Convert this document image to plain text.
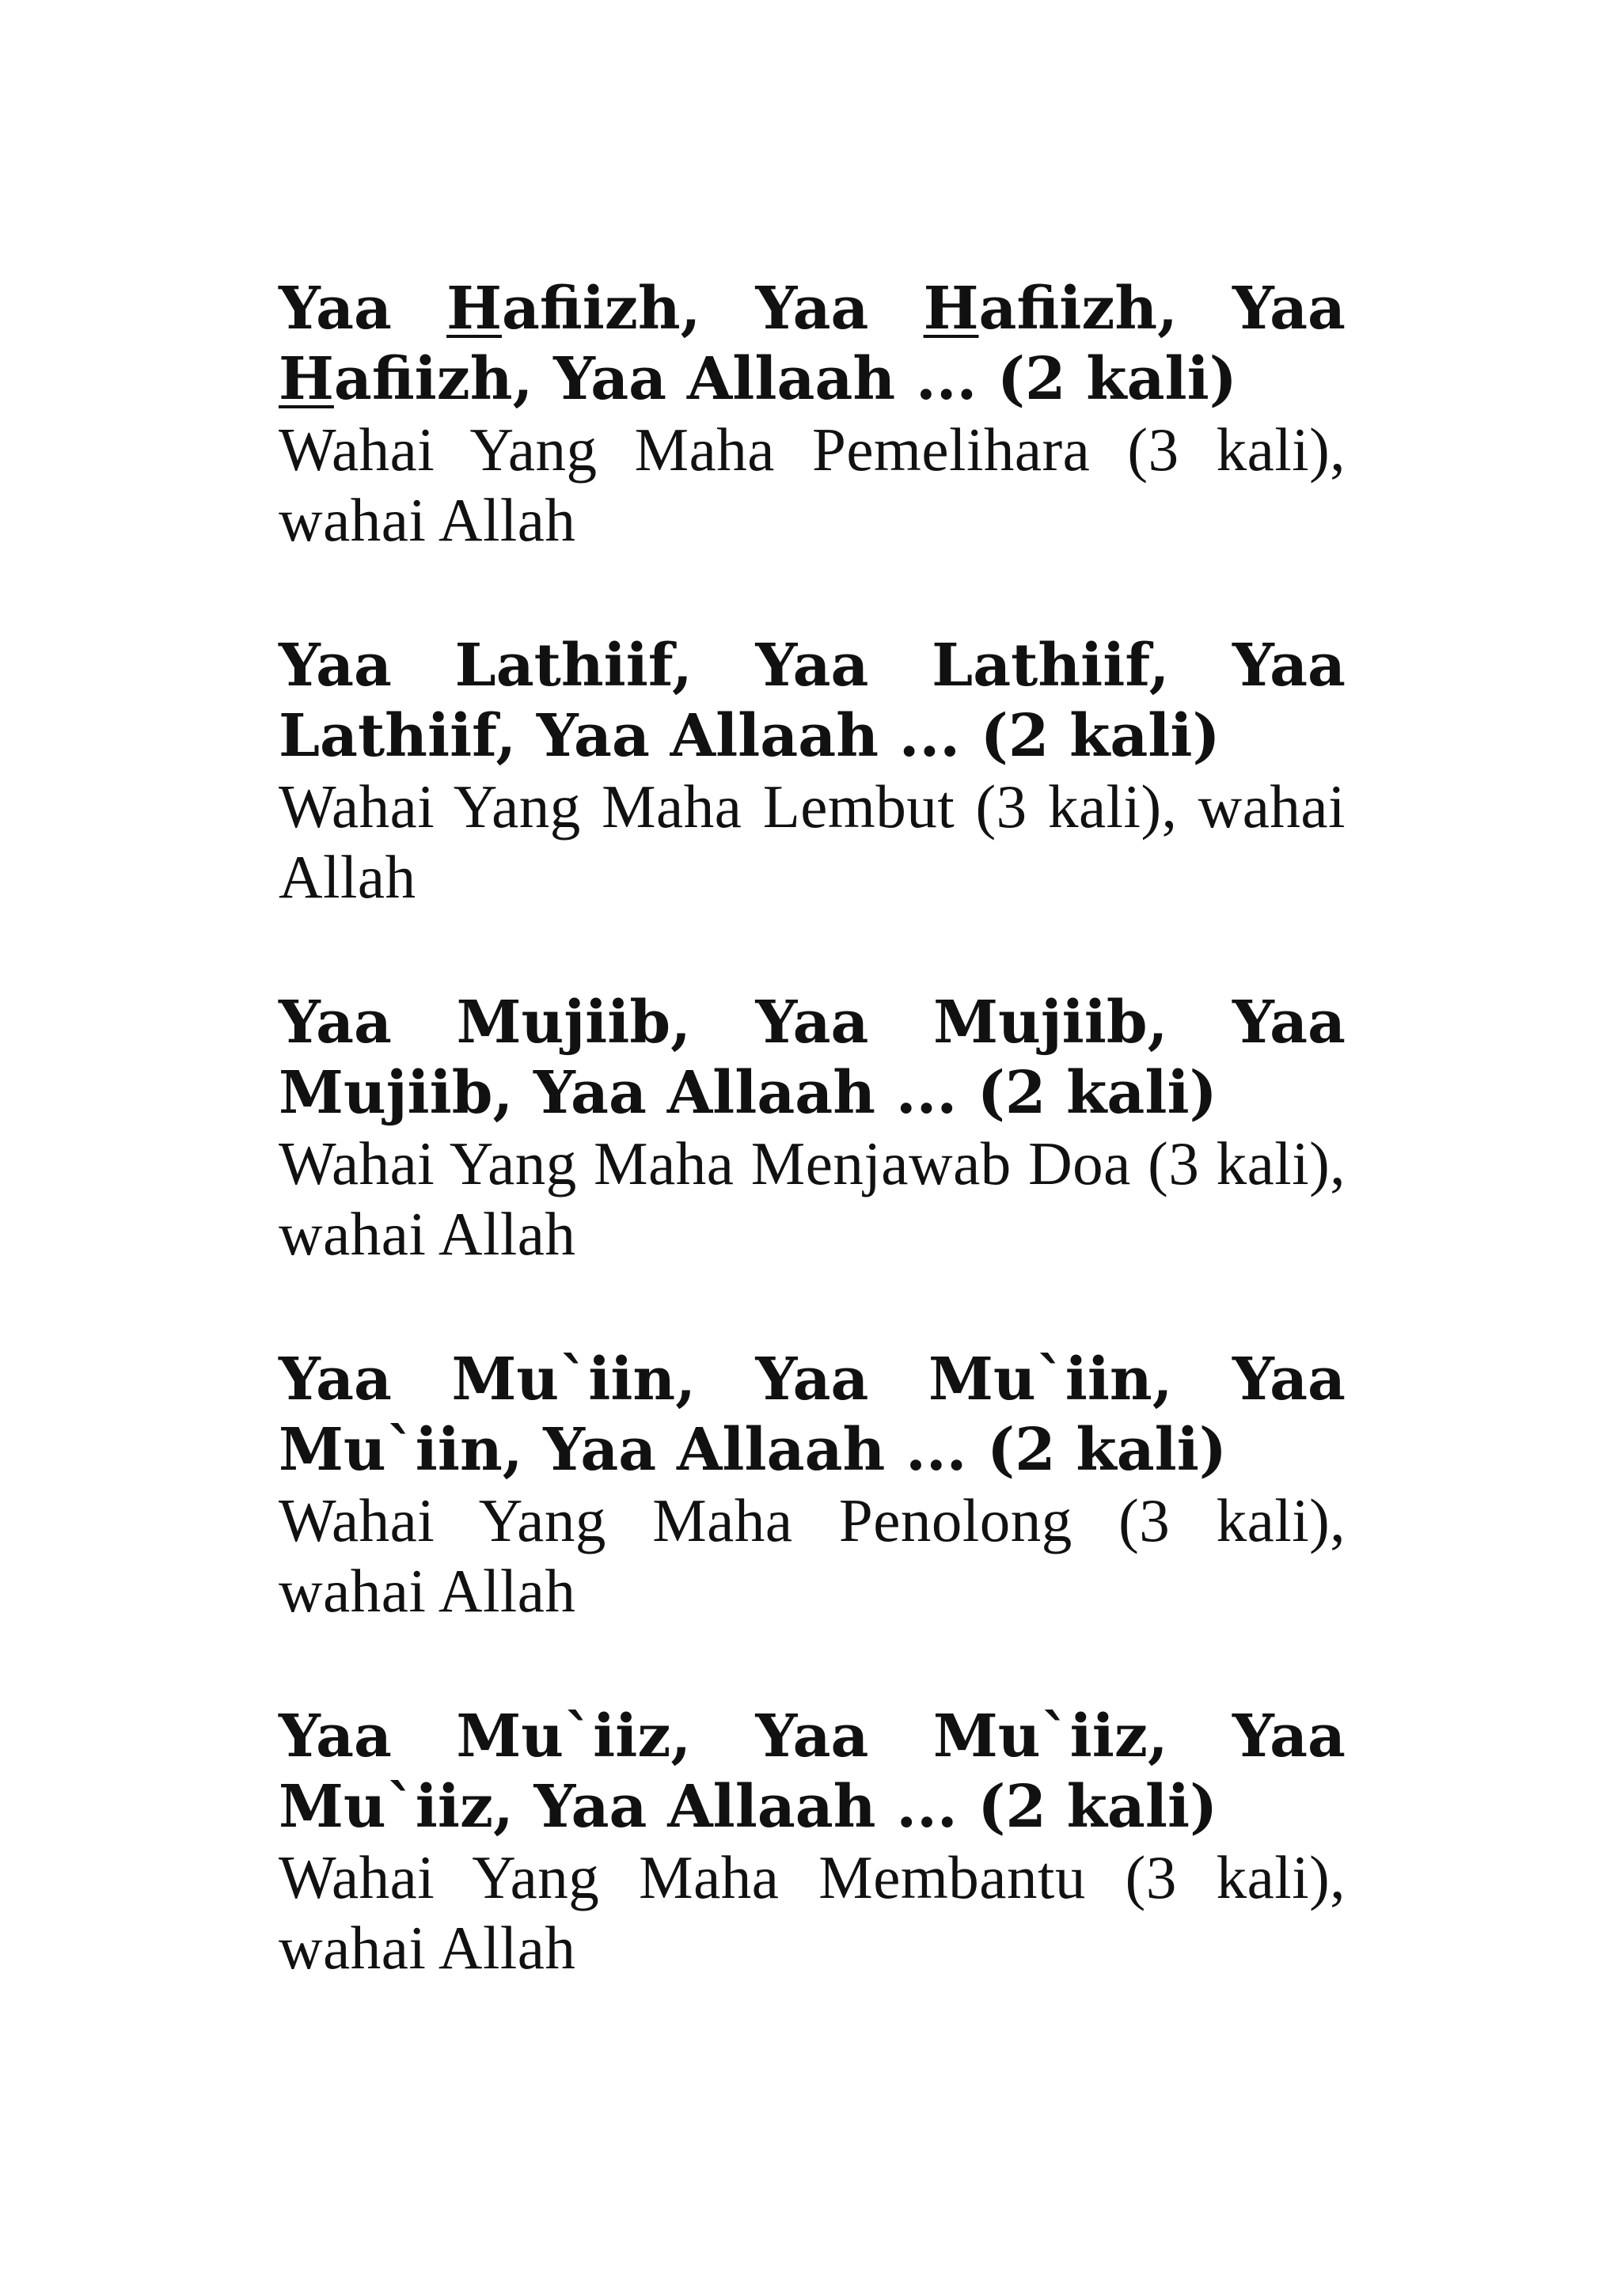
Yaa Hafiizh, Yaa Hafiizh, Yaa Hafiizh, Yaa Allaah ... (2 kali)
Wahai Yang Maha Pemelihara (3 kali), wahai Allah
Yaa Lathiif, Yaa Lathiif, Yaa Lathiif, Yaa Allaah ... (2 kali)
Wahai Yang Maha Lembut (3 kali), wahai Allah
Yaa Mujiib, Yaa Mujiib, Yaa Mujiib, Yaa Allaah ... (2 kali)
Wahai Yang Maha Menjawab Doa (3 kali), wahai Allah
Yaa Mu`iin, Yaa Mu`iin, Yaa Mu`iin, Yaa Allaah ... (2 kali)
Wahai Yang Maha Penolong (3 kali), wahai Allah
Yaa Mu`iiz, Yaa Mu`iiz, Yaa Mu`iiz, Yaa Allaah ... (2 kali)
Wahai Yang Maha Membantu (3 kali), wahai Allah
